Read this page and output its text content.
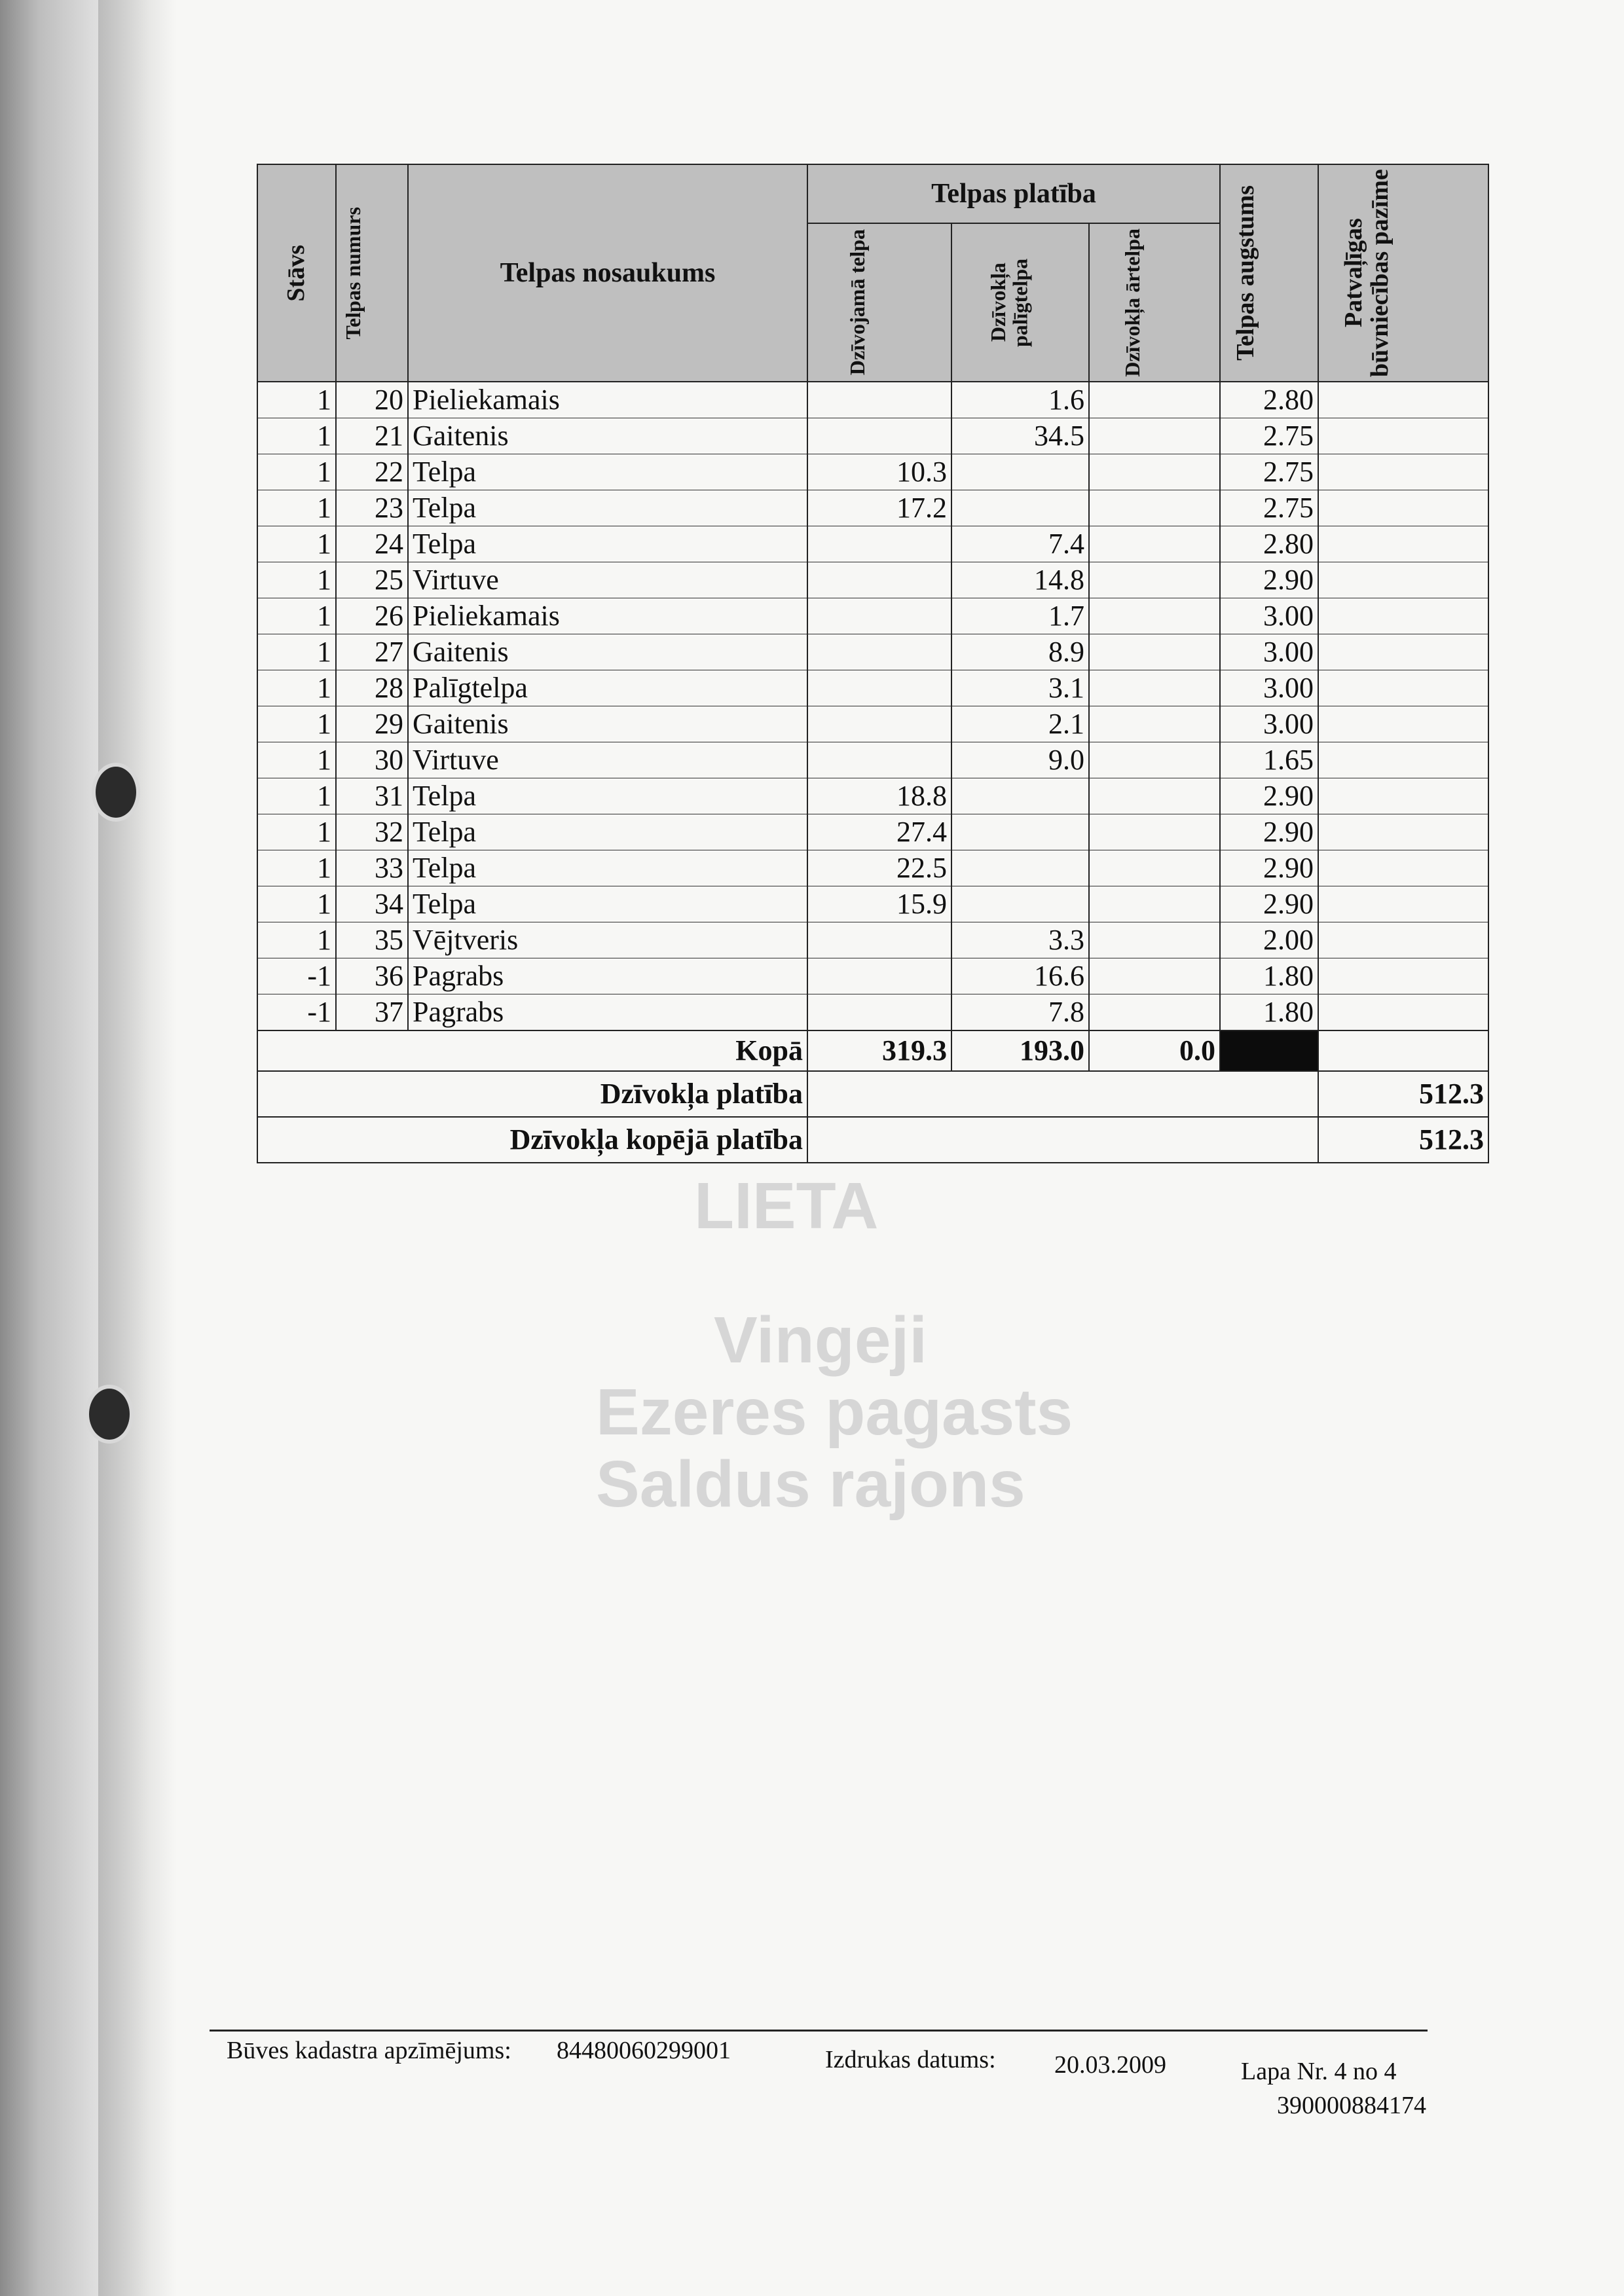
LIETA
Vingeji
Ezeres pagasts
Saldus rajons
Stāvs	Telpas numurs	Telpas nosaukums	Telpas platība			Telpas augstums	Patvaļīgas būvniecības pazīme

			Dzīvojamā telpa	Dzīvokļa palīgtelpa	Dzīvokļa ārtelpa		

1	20	Pieliekamais		1.6		2.80	
1	21	Gaitenis		34.5		2.75	
1	22	Telpa	10.3			2.75	
1	23	Telpa	17.2			2.75	
1	24	Telpa		7.4		2.80	
1	25	Virtuve		14.8		2.90	
1	26	Pieliekamais		1.7		3.00	
1	27	Gaitenis		8.9		3.00	
1	28	Palīgtelpa		3.1		3.00	
1	29	Gaitenis		2.1		3.00	
1	30	Virtuve		9.0		1.65	
1	31	Telpa	18.8			2.90	
1	32	Telpa	27.4			2.90	
1	33	Telpa	22.5			2.90	
1	34	Telpa	15.9			2.90	
1	35	Vējtveris		3.3		2.00	
-1	36	Pagrabs		16.6		1.80	
-1	37	Pagrabs		7.8		1.80	
Kopā			319.3	193.0	0.0		
Dzīvokļa platība							512.3
Dzīvokļa kopējā platība							512.3
Būves kadastra apzīmējums: 84480060299001	Izdrukas datums: 20.03.2009	Lapa Nr. 4 no 4
390000884174
